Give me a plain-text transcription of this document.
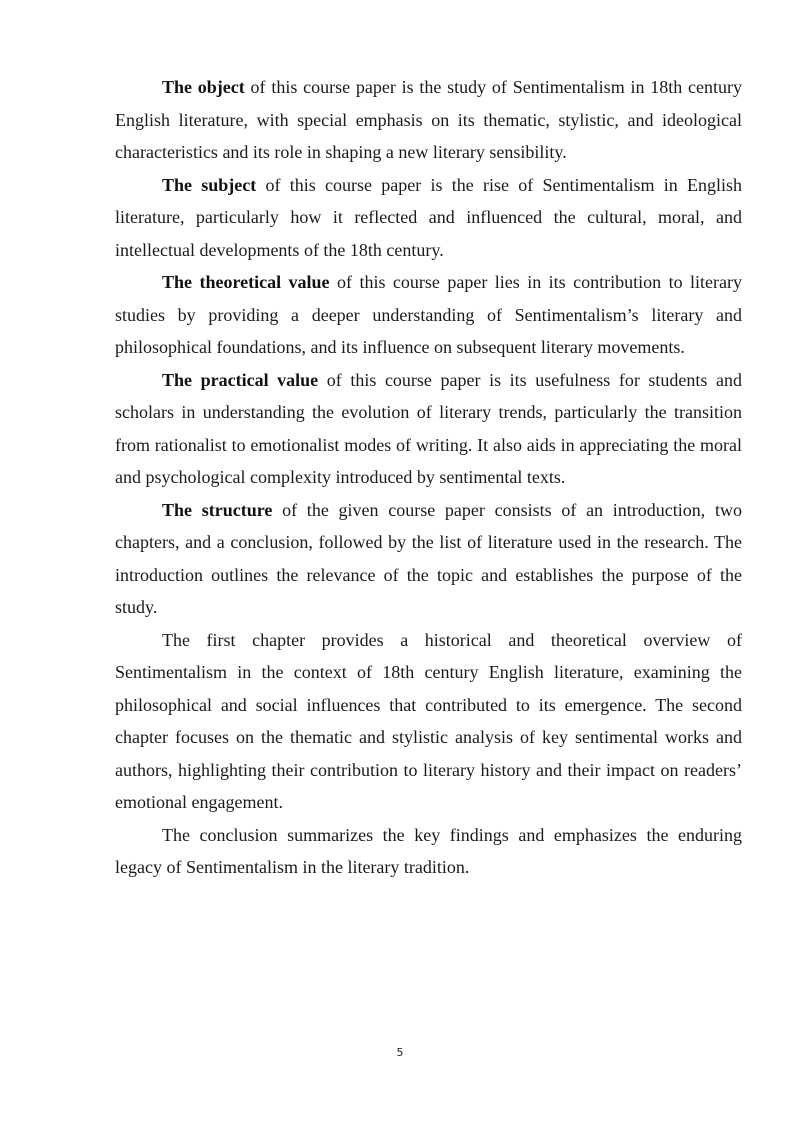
The object of this course paper is the study of Sentimentalism in 18th century English literature, with special emphasis on its thematic, stylistic, and ideological characteristics and its role in shaping a new literary sensibility.

The subject of this course paper is the rise of Sentimentalism in English literature, particularly how it reflected and influenced the cultural, moral, and intellectual developments of the 18th century.

The theoretical value of this course paper lies in its contribution to literary studies by providing a deeper understanding of Sentimentalism’s literary and philosophical foundations, and its influence on subsequent literary movements.

The practical value of this course paper is its usefulness for students and scholars in understanding the evolution of literary trends, particularly the transition from rationalist to emotionalist modes of writing. It also aids in appreciating the moral and psychological complexity introduced by sentimental texts.

The structure of the given course paper consists of an introduction, two chapters, and a conclusion, followed by the list of literature used in the research. The introduction outlines the relevance of the topic and establishes the purpose of the study.

The first chapter provides a historical and theoretical overview of Sentimentalism in the context of 18th century English literature, examining the philosophical and social influences that contributed to its emergence. The second chapter focuses on the thematic and stylistic analysis of key sentimental works and authors, highlighting their contribution to literary history and their impact on readers’ emotional engagement.

The conclusion summarizes the key findings and emphasizes the enduring legacy of Sentimentalism in the literary tradition.

5
